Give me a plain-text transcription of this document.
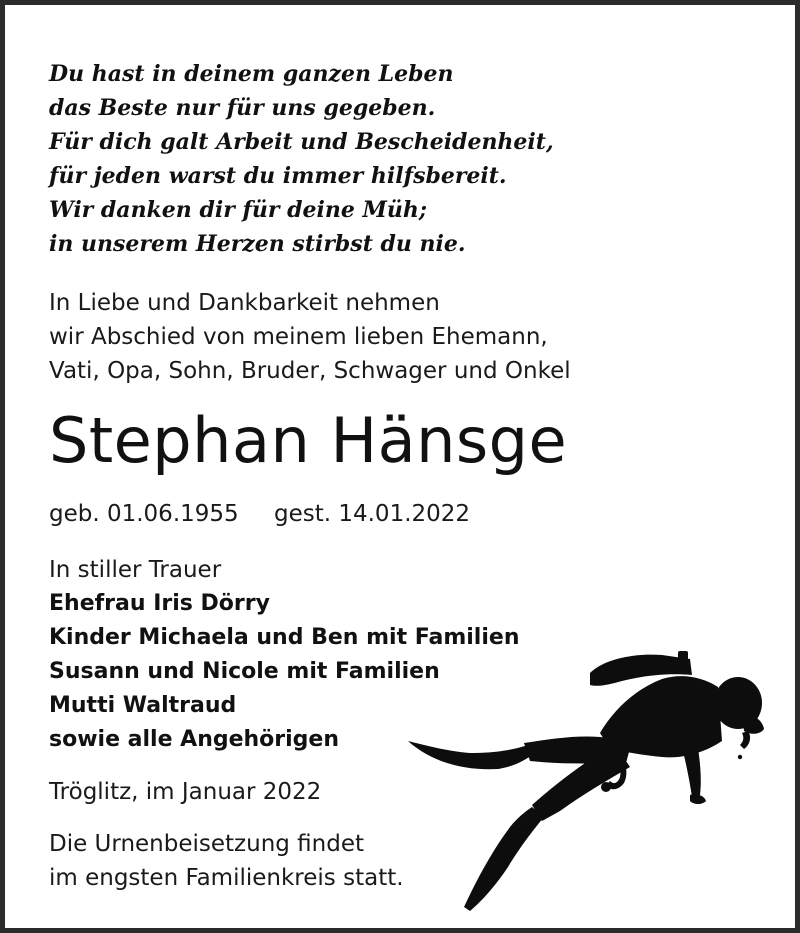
Du hast in deinem ganzen Leben
das Beste nur für uns gegeben.
Für dich galt Arbeit und Bescheidenheit,
für jeden warst du immer hilfsbereit.
Wir danken dir für deine Müh;
in unserem Herzen stirbst du nie.
In Liebe und Dankbarkeit nehmen
wir Abschied von meinem lieben Ehemann,
Vati, Opa, Sohn, Bruder, Schwager und Onkel
Stephan Hänsge
geb. 01.06.1955 gest. 14.01.2022
In stiller Trauer
Ehefrau Iris Dörry
Kinder Michaela und Ben mit Familien
Susann und Nicole mit Familien
Mutti Waltraud
sowie alle Angehörigen
Tröglitz, im Januar 2022
Die Urnenbeisetzung findet
im engsten Familienkreis statt.
